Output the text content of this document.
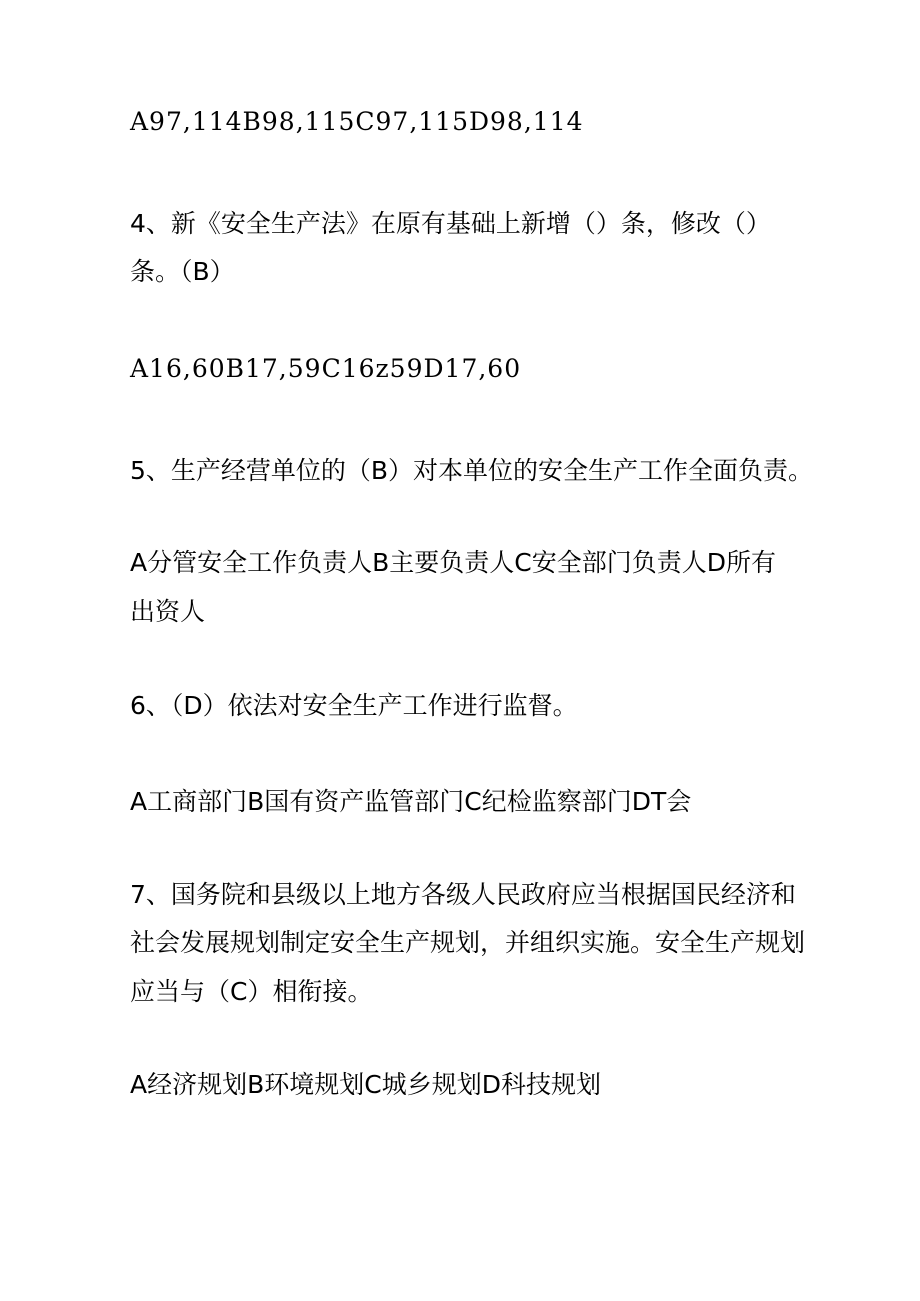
A97,114B98,115C97,115D98,114
4、新《安全生产法》在原有基础上新增（）条，修改（）
条。（B）
A16,60B17,59C16z59D17,60
5、生产经营单位的（B）对本单位的安全生产工作全面负责。
A分管安全工作负责人B主要负责人C安全部门负责人D所有
出资人
6、（D）依法对安全生产工作进行监督。
A工商部门B国有资产监管部门C纪检监察部门DT会
7、国务院和县级以上地方各级人民政府应当根据国民经济和
社会发展规划制定安全生产规划，并组织实施。安全生产规划
应当与（C）相衔接。
A经济规划B环境规划C城乡规划D科技规划
